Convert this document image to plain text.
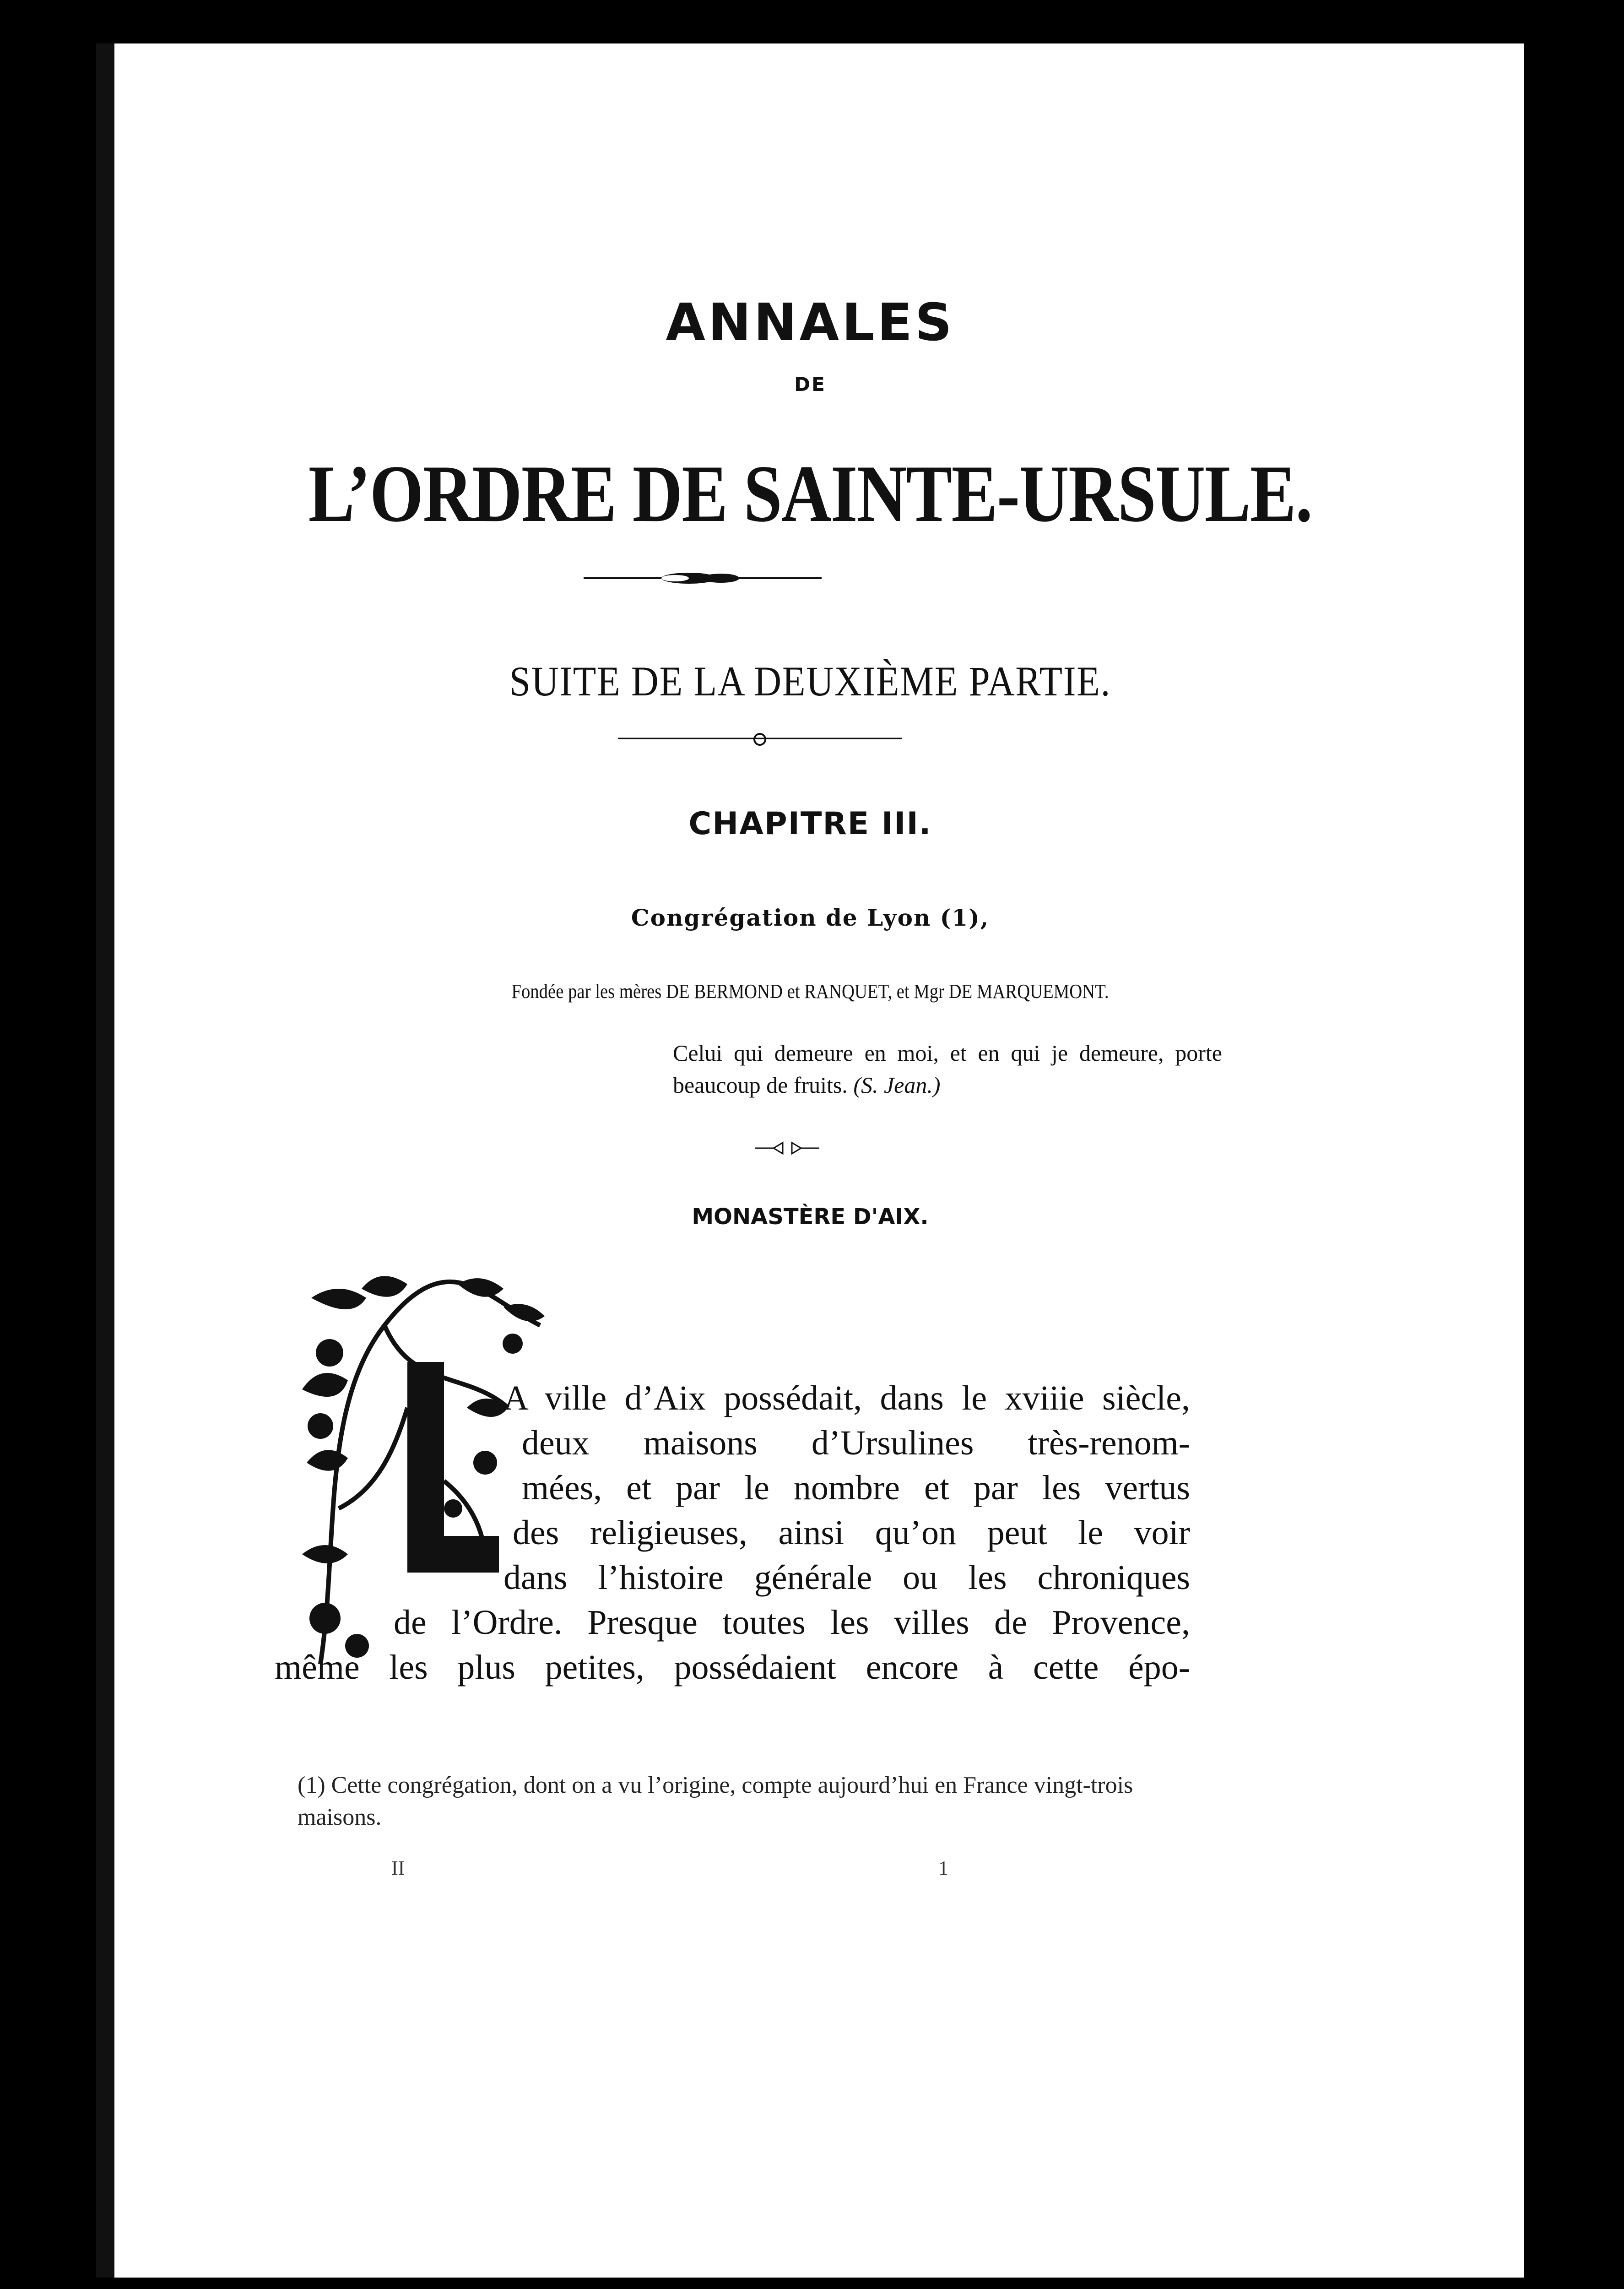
ANNALES
DE
L’ORDRE DE SAINTE-URSULE.
SUITE DE LA DEUXIÈME PARTIE.
CHAPITRE III.
Congrégation de Lyon (1),
Fondée par les mères DE BERMOND et RANQUET, et Mgr DE MARQUEMONT.
Celui qui demeure en moi, et en qui je demeure, porte beaucoup de fruits. (S. Jean.)
MONASTÈRE D'AIX.
A ville d’Aix possédait, dans le xviiie siècle,
deux maisons d’Ursulines très-renom-
mées, et par le nombre et par les vertus
des religieuses, ainsi qu’on peut le voir
dans l’histoire générale ou les chroniques
de l’Ordre. Presque toutes les villes de Provence,
même les plus petites, possédaient encore à cette épo-
(1) Cette congrégation, dont on a vu l’origine, compte aujourd’hui en France vingt-trois maisons.
II	1
